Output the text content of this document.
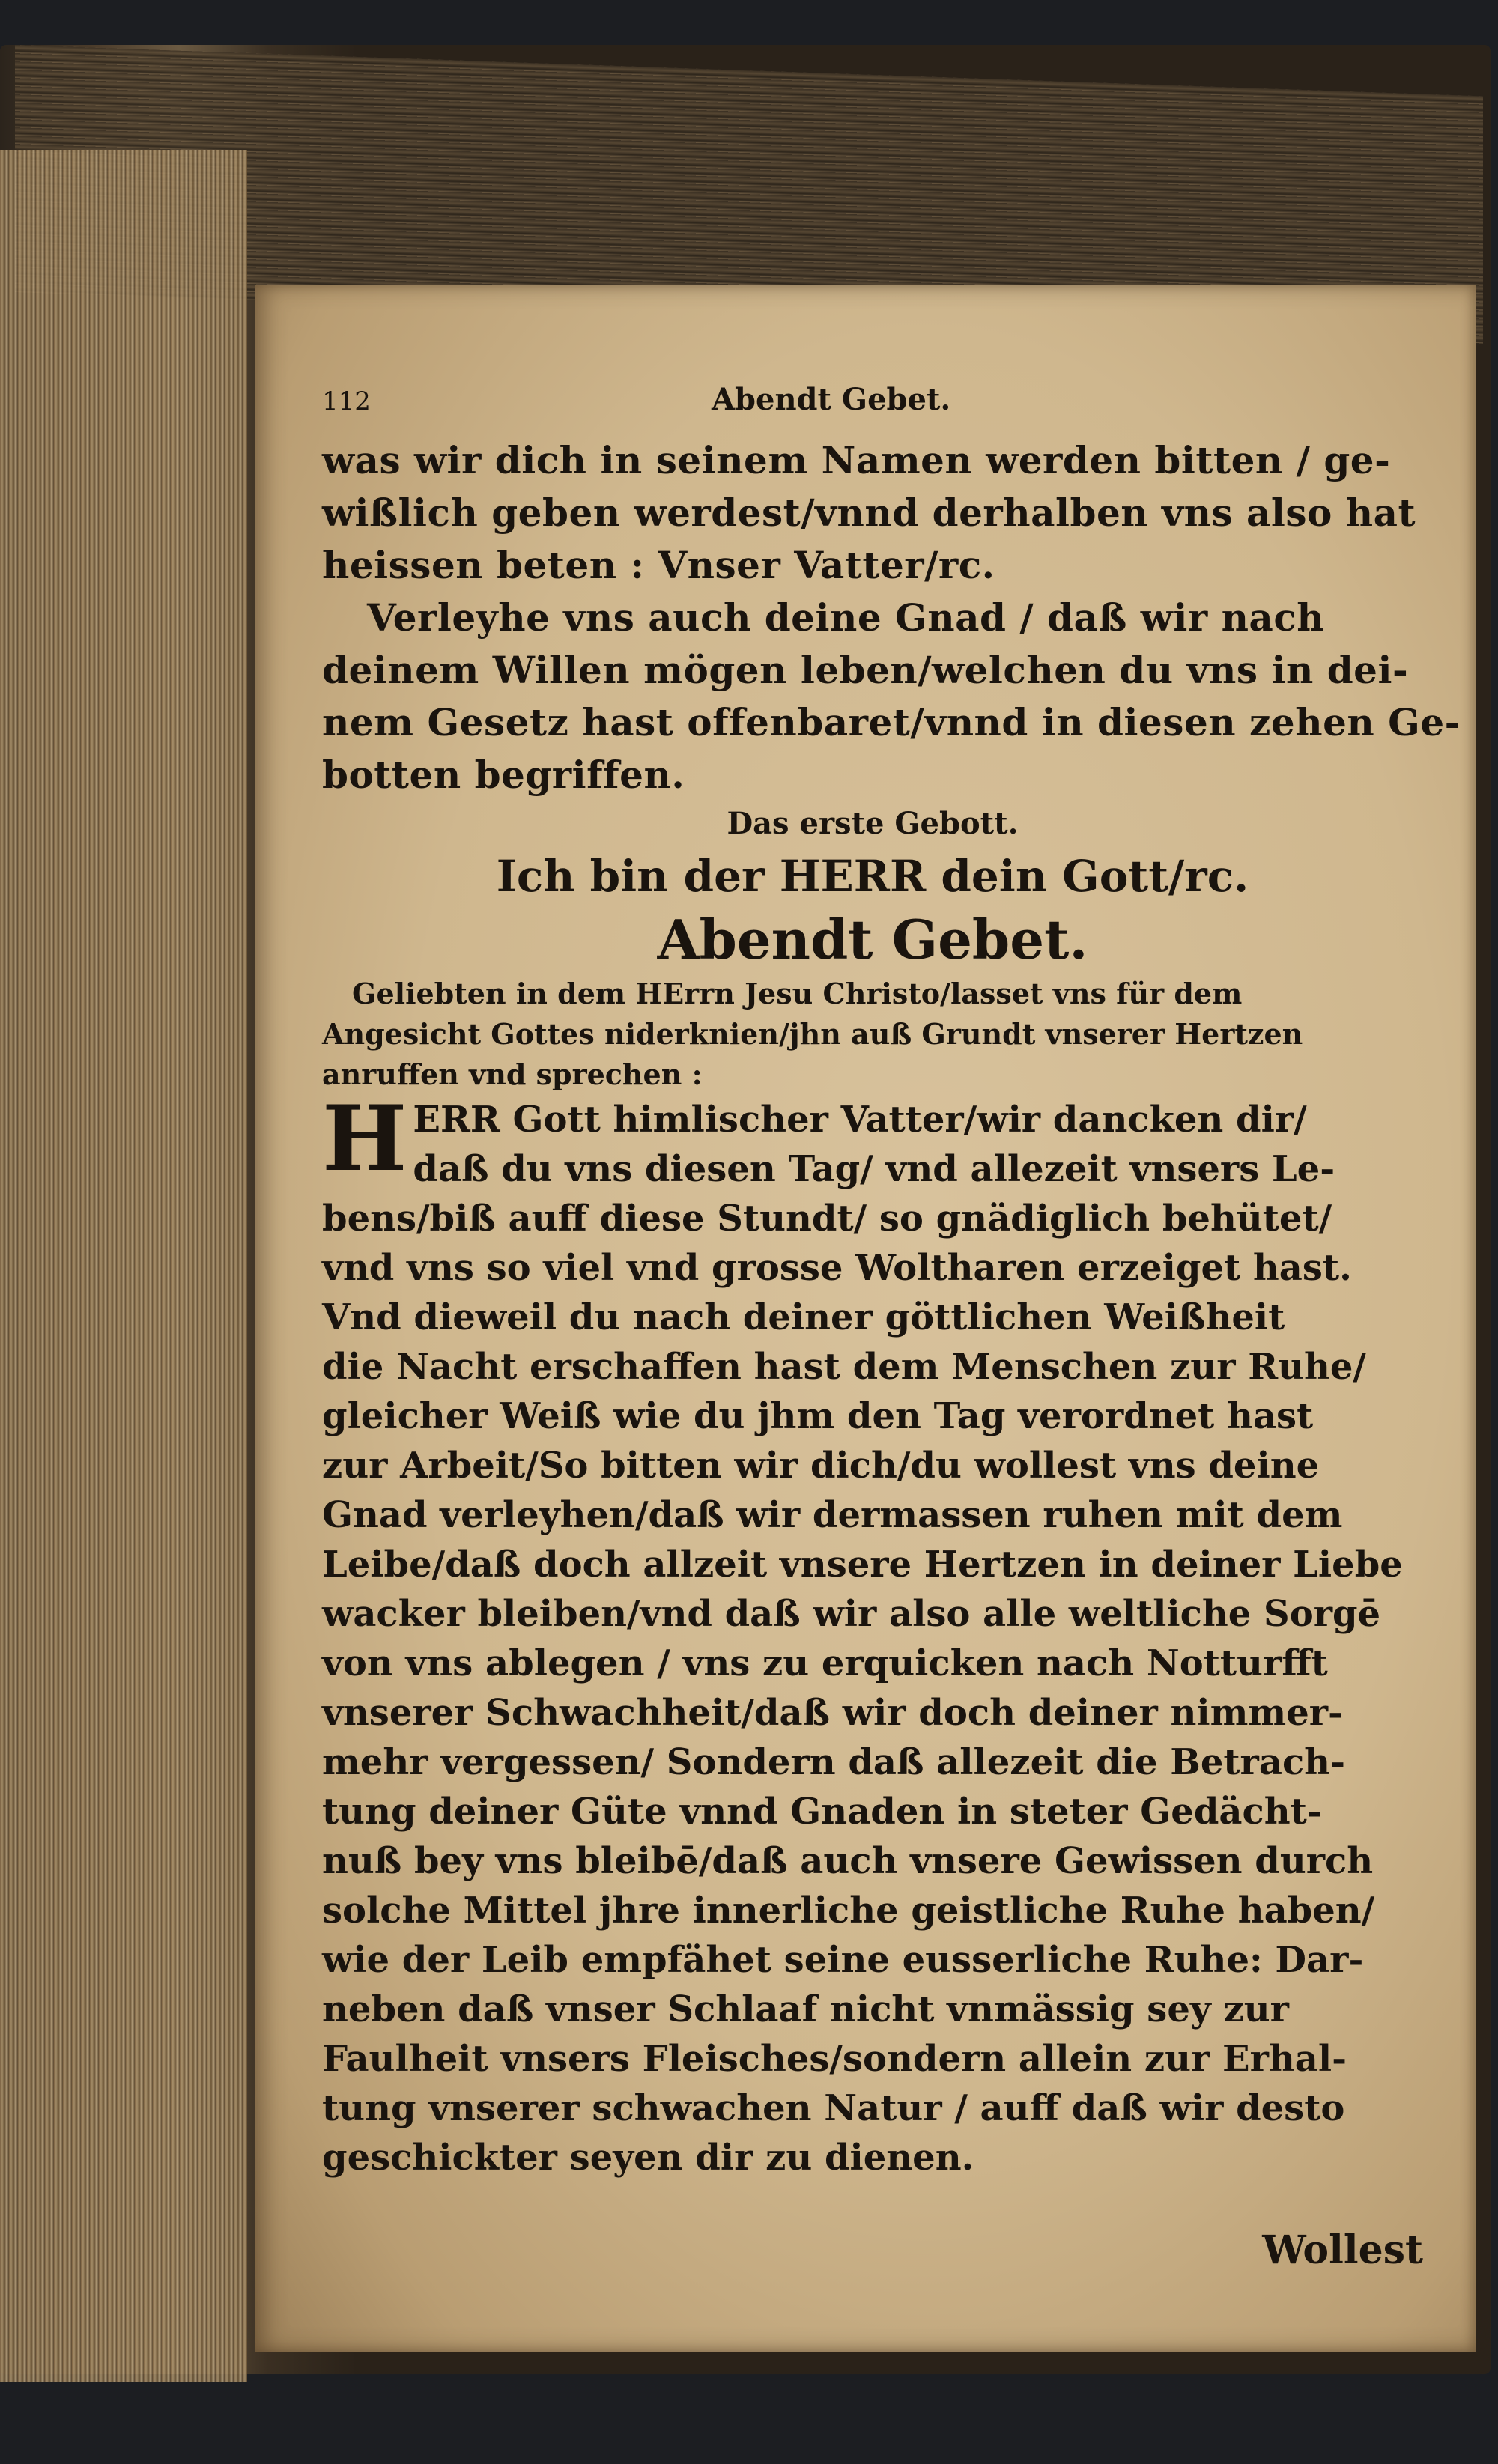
112	Abendt Gebet.
was wir dich in seinem Namen werden bitten / ge-
wißlich geben werdest/vnnd derhalben vns also hat
heissen beten : Vnser Vatter/rc.
Verleyhe vns auch deine Gnad / daß wir nach
deinem Willen mögen leben/welchen du vns in dei-
nem Gesetz hast offenbaret/vnnd in diesen zehen Ge-
botten begriffen.
Das erste Gebott.
Ich bin der HERR dein Gott/rc.
Abendt Gebet.
Geliebten in dem HErrn Jesu Christo/lasset vns für dem
Angesicht Gottes niderknien/jhn auß Grundt vnserer Hertzen
anruffen vnd sprechen :
H ERR Gott himlischer Vatter/wir dancken dir/
daß du vns diesen Tag/ vnd allezeit vnsers Le-
bens/biß auff diese Stundt/ so gnädiglich behütet/
vnd vns so viel vnd grosse Woltharen erzeiget hast.
Vnd dieweil du nach deiner göttlichen Weißheit
die Nacht erschaffen hast dem Menschen zur Ruhe/
gleicher Weiß wie du jhm den Tag verordnet hast
zur Arbeit/So bitten wir dich/du wollest vns deine
Gnad verleyhen/daß wir dermassen ruhen mit dem
Leibe/daß doch allzeit vnsere Hertzen in deiner Liebe
wacker bleiben/vnd daß wir also alle weltliche Sorgē
von vns ablegen / vns zu erquicken nach Notturfft
vnserer Schwachheit/daß wir doch deiner nimmer-
mehr vergessen/ Sondern daß allezeit die Betrach-
tung deiner Güte vnnd Gnaden in steter Gedächt-
nuß bey vns bleibē/daß auch vnsere Gewissen durch
solche Mittel jhre innerliche geistliche Ruhe haben/
wie der Leib empfähet seine eusserliche Ruhe: Dar-
neben daß vnser Schlaaf nicht vnmässig sey zur
Faulheit vnsers Fleisches/sondern allein zur Erhal-
tung vnserer schwachen Natur / auff daß wir desto
geschickter seyen dir zu dienen.
Wollest
